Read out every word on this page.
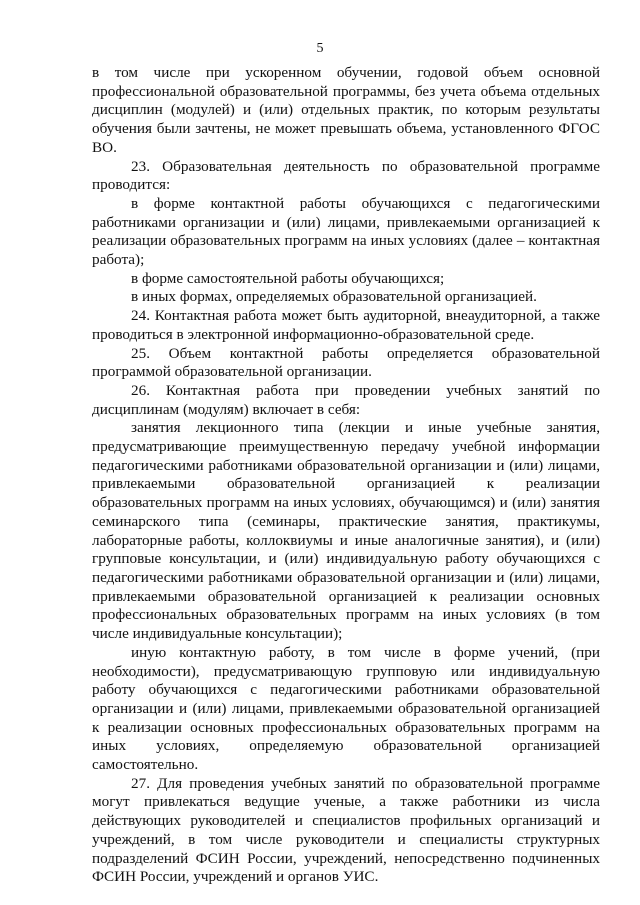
5

в том числе при ускоренном обучении, годовой объем основной профессиональной образовательной программы, без учета объема отдельных дисциплин (модулей) и (или) отдельных практик, по которым результаты обучения были зачтены, не может превышать объема, установленного ФГОС ВО.

23. Образовательная деятельность по образовательной программе проводится:

в форме контактной работы обучающихся с педагогическими работниками организации и (или) лицами, привлекаемыми организацией к реализации образовательных программ на иных условиях (далее – контактная работа);

в форме самостоятельной работы обучающихся;

в иных формах, определяемых образовательной организацией.

24. Контактная работа может быть аудиторной, внеаудиторной, а также проводиться в электронной информационно-образовательной среде.

25. Объем контактной работы определяется образовательной программой образовательной организации.

26. Контактная работа при проведении учебных занятий по дисциплинам (модулям) включает в себя:

занятия лекционного типа (лекции и иные учебные занятия, предусматривающие преимущественную передачу учебной информации педагогическими работниками образовательной организации и (или) лицами, привлекаемыми образовательной организацией к реализации образовательных программ на иных условиях, обучающимся) и (или) занятия семинарского типа (семинары, практические занятия, практикумы, лабораторные работы, коллоквиумы и иные аналогичные занятия), и (или) групповые консультации, и (или) индивидуальную работу обучающихся с педагогическими работниками образовательной организации и (или) лицами, привлекаемыми образовательной организацией к реализации основных профессиональных образовательных программ на иных условиях (в том числе индивидуальные консультации);

иную контактную работу, в том числе в форме учений, (при необходимости), предусматривающую групповую или индивидуальную работу обучающихся с педагогическими работниками образовательной организации и (или) лицами, привлекаемыми образовательной организацией к реализации основных профессиональных образовательных программ на иных условиях, определяемую образовательной организацией самостоятельно.

27. Для проведения учебных занятий по образовательной программе могут привлекаться ведущие ученые, а также работники из числа действующих руководителей и специалистов профильных организаций и учреждений, в том числе руководители и специалисты структурных подразделений ФСИН России, учреждений, непосредственно подчиненных ФСИН России, учреждений и органов УИС.
